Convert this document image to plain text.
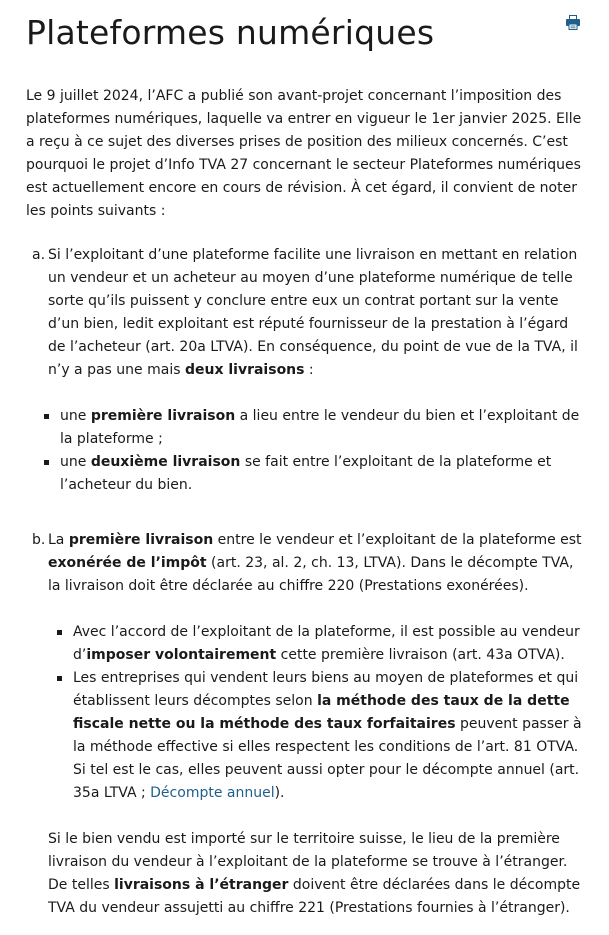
Plateformes numériques

Le 9 juillet 2024, l’AFC a publié son avant-projet concernant l’imposition des plateformes numériques, laquelle va entrer en vigueur le 1er janvier 2025. Elle a reçu à ce sujet des diverses prises de position des milieux concernés. C’est pourquoi le projet d’Info TVA 27 concernant le secteur Plateformes numériques est actuellement encore en cours de révision. À cet égard, il convient de noter les points suivants :

a. Si l’exploitant d’une plateforme facilite une livraison en mettant en relation un vendeur et un acheteur au moyen d’une plateforme numérique de telle sorte qu’ils puissent y conclure entre eux un contrat portant sur la vente d’un bien, ledit exploitant est réputé fournisseur de la prestation à l’égard de l’acheteur (art. 20a LTVA). En conséquence, du point de vue de la TVA, il n’y a pas une mais deux livraisons :

une première livraison a lieu entre le vendeur du bien et l’exploitant de la plateforme ;
une deuxième livraison se fait entre l’exploitant de la plateforme et l’acheteur du bien.
b. La première livraison entre le vendeur et l’exploitant de la plateforme est exonérée de l’impôt (art. 23, al. 2, ch. 13, LTVA). Dans le décompte TVA, la livraison doit être déclarée au chiffre 220 (Prestations exonérées).

Avec l’accord de l’exploitant de la plateforme, il est possible au vendeur d’imposer volontairement cette première livraison (art. 43a OTVA).
Les entreprises qui vendent leurs biens au moyen de plateformes et qui établissent leurs décomptes selon la méthode des taux de la dette fiscale nette ou la méthode des taux forfaitaires peuvent passer à la méthode effective si elles respectent les conditions de l’art. 81 OTVA. Si tel est le cas, elles peuvent aussi opter pour le décompte annuel (art. 35a LTVA ; Décompte annuel).

Si le bien vendu est importé sur le territoire suisse, le lieu de la première livraison du vendeur à l’exploitant de la plateforme se trouve à l’étranger. De telles livraisons à l’étranger doivent être déclarées dans le décompte TVA du vendeur assujetti au chiffre 221 (Prestations fournies à l’étranger).
